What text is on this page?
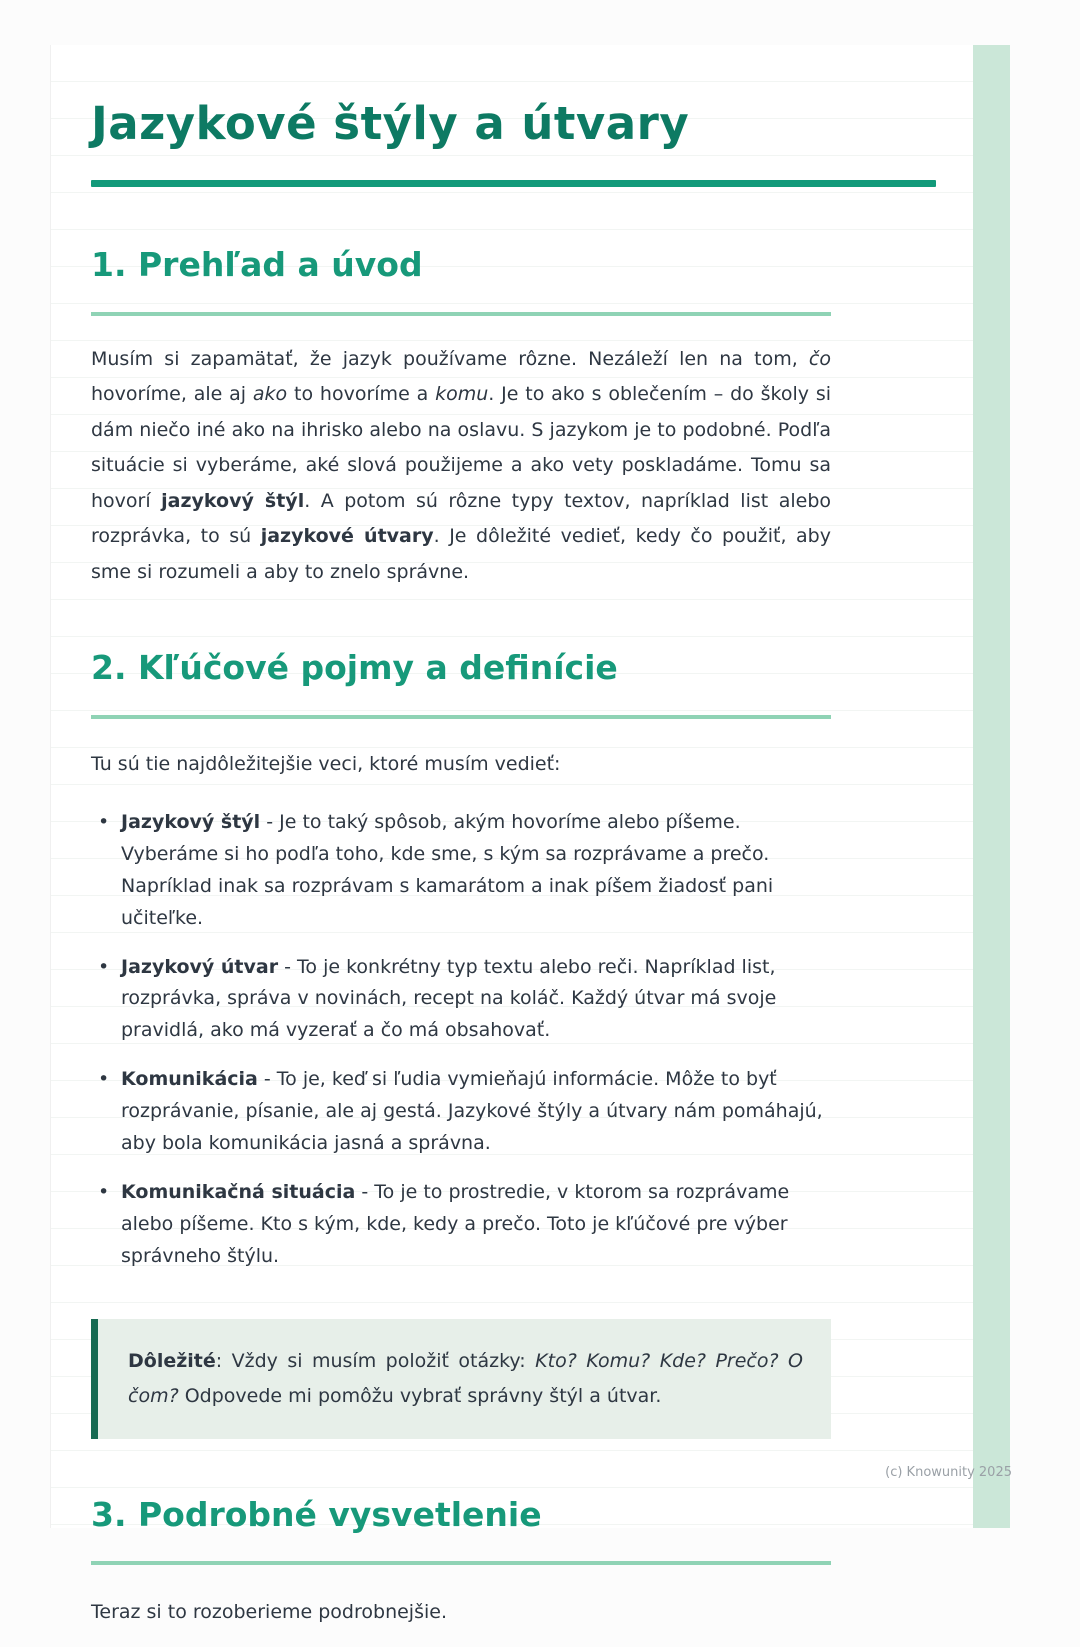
Jazykové štýly a útvary
1. Prehľad a úvod

Musím si zapamätať, že jazyk používame rôzne. Nezáleží len na tom, čo hovoríme, ale aj ako to hovoríme a komu. Je to ako s oblečením – do školy si dám niečo iné ako na ihrisko alebo na oslavu. S jazykom je to podobné. Podľa situácie si vyberáme, aké slová použijeme a ako vety poskladáme. Tomu sa hovorí jazykový štýl. A potom sú rôzne typy textov, napríklad list alebo rozprávka, to sú jazykové útvary. Je dôležité vedieť, kedy čo použiť, aby sme si rozumeli a aby to znelo správne.

2. Kľúčové pojmy a definície

Tu sú tie najdôležitejšie veci, ktoré musím vedieť:

• Jazykový štýl - Je to taký spôsob, akým hovoríme alebo píšeme. Vyberáme si ho podľa toho, kde sme, s kým sa rozprávame a prečo. Napríklad inak sa rozprávam s kamarátom a inak píšem žiadosť pani učiteľke.
• Jazykový útvar - To je konkrétny typ textu alebo reči. Napríklad list, rozprávka, správa v novinách, recept na koláč. Každý útvar má svoje pravidlá, ako má vyzerať a čo má obsahovať.
• Komunikácia - To je, keď si ľudia vymieňajú informácie. Môže to byť rozprávanie, písanie, ale aj gestá. Jazykové štýly a útvary nám pomáhajú, aby bola komunikácia jasná a správna.
• Komunikačná situácia - To je to prostredie, v ktorom sa rozprávame alebo píšeme. Kto s kým, kde, kedy a prečo. Toto je kľúčové pre výber správneho štýlu.
Dôležité: Vždy si musím položiť otázky: Kto? Komu? Kde? Prečo? O čom? Odpovede mi pomôžu vybrať správny štýl a útvar.
3. Podrobné vysvetlenie

Teraz si to rozoberieme podrobnejšie.

(c) Knowunity 2025
